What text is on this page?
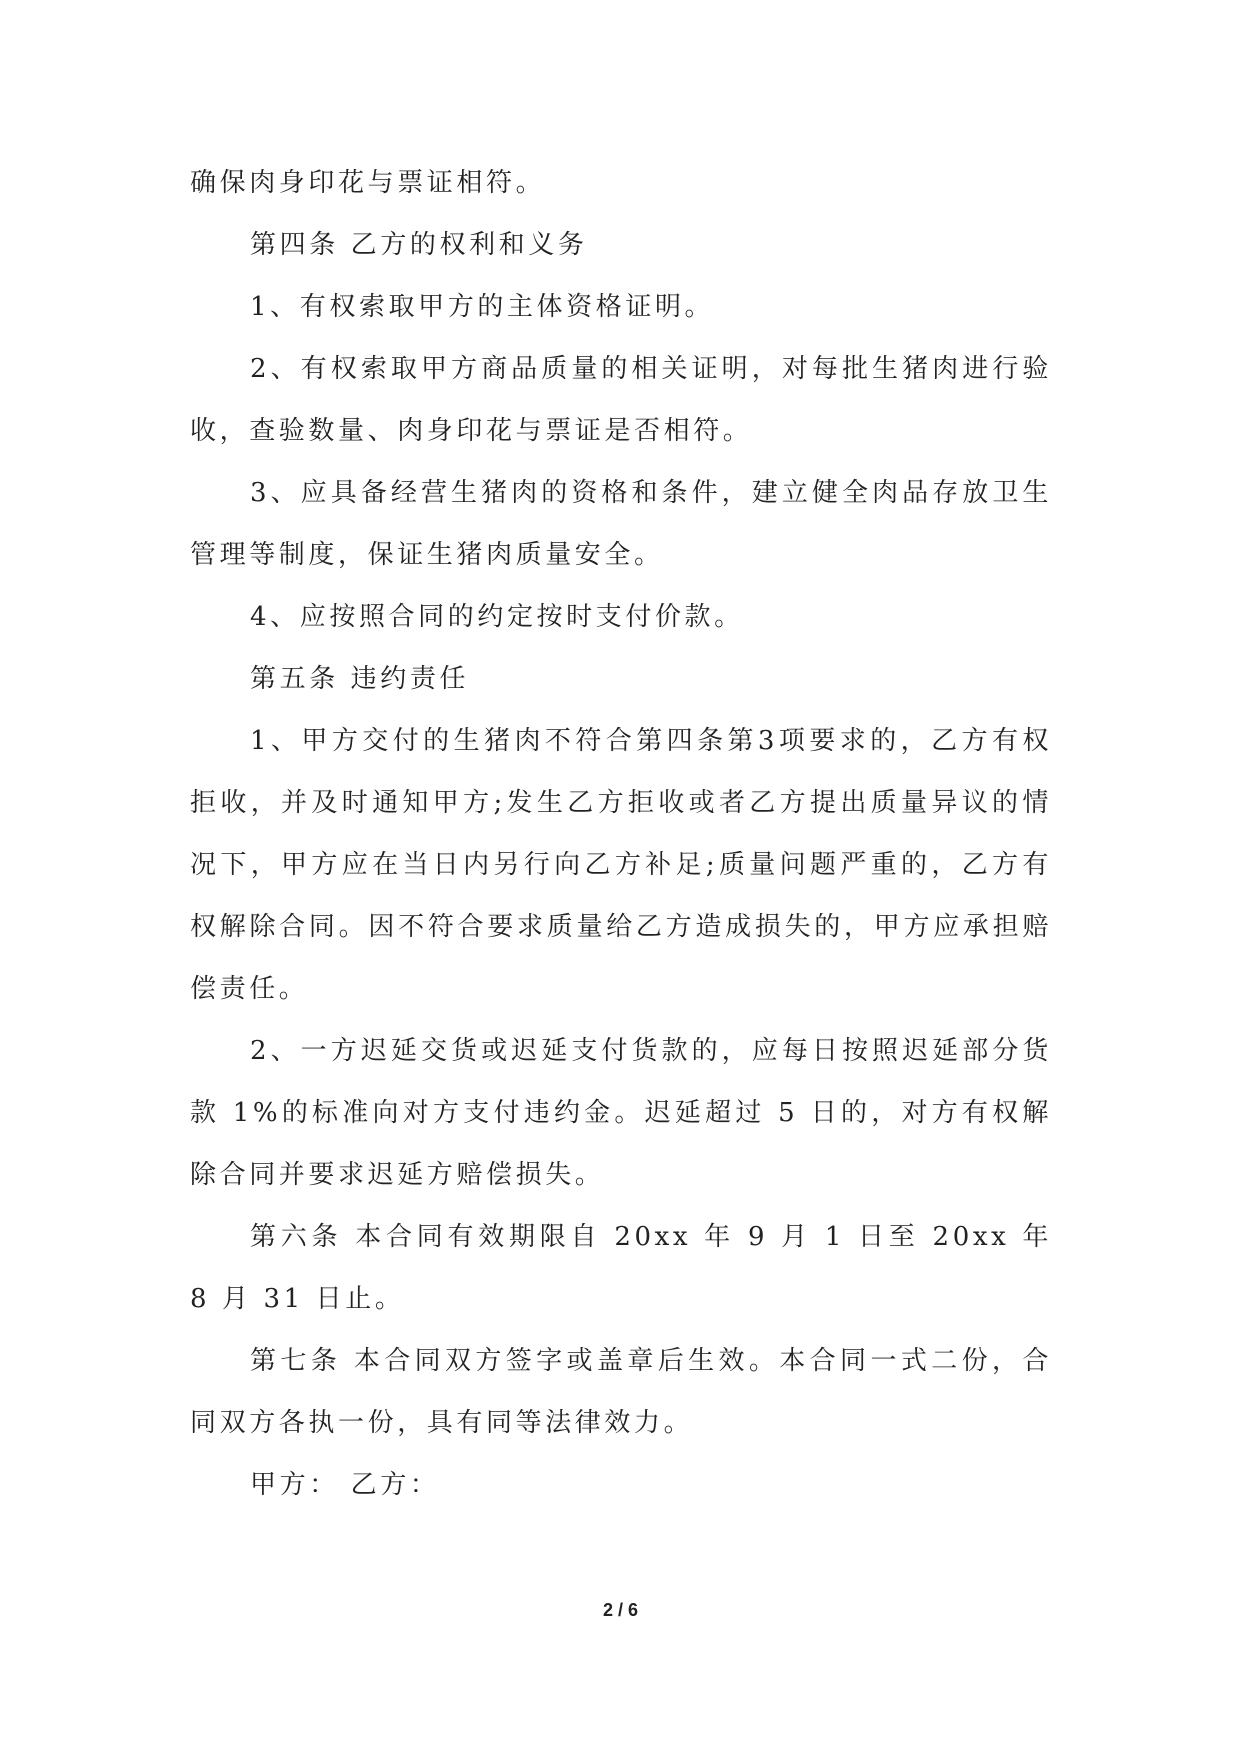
确保肉身印花与票证相符。

第四条 乙方的权利和义务

1、有权索取甲方的主体资格证明。

2、有权索取甲方商品质量的相关证明，对每批生猪肉进行验收，查验数量、肉身印花与票证是否相符。

3、应具备经营生猪肉的资格和条件，建立健全肉品存放卫生管理等制度，保证生猪肉质量安全。

4、应按照合同的约定按时支付价款。

第五条 违约责任

1、甲方交付的生猪肉不符合第四条第3项要求的，乙方有权拒收，并及时通知甲方;发生乙方拒收或者乙方提出质量异议的情况下，甲方应在当日内另行向乙方补足;质量问题严重的，乙方有权解除合同。因不符合要求质量给乙方造成损失的，甲方应承担赔偿责任。

2、一方迟延交货或迟延支付货款的，应每日按照迟延部分货款 1%的标准向对方支付违约金。迟延超过 5 日的，对方有权解除合同并要求迟延方赔偿损失。

第六条 本合同有效期限自 20xx 年 9 月 1 日至 20xx 年 8 月 31 日止。

第七条 本合同双方签字或盖章后生效。本合同一式二份，合同双方各执一份，具有同等法律效力。

甲方： 乙方：

2 / 6
